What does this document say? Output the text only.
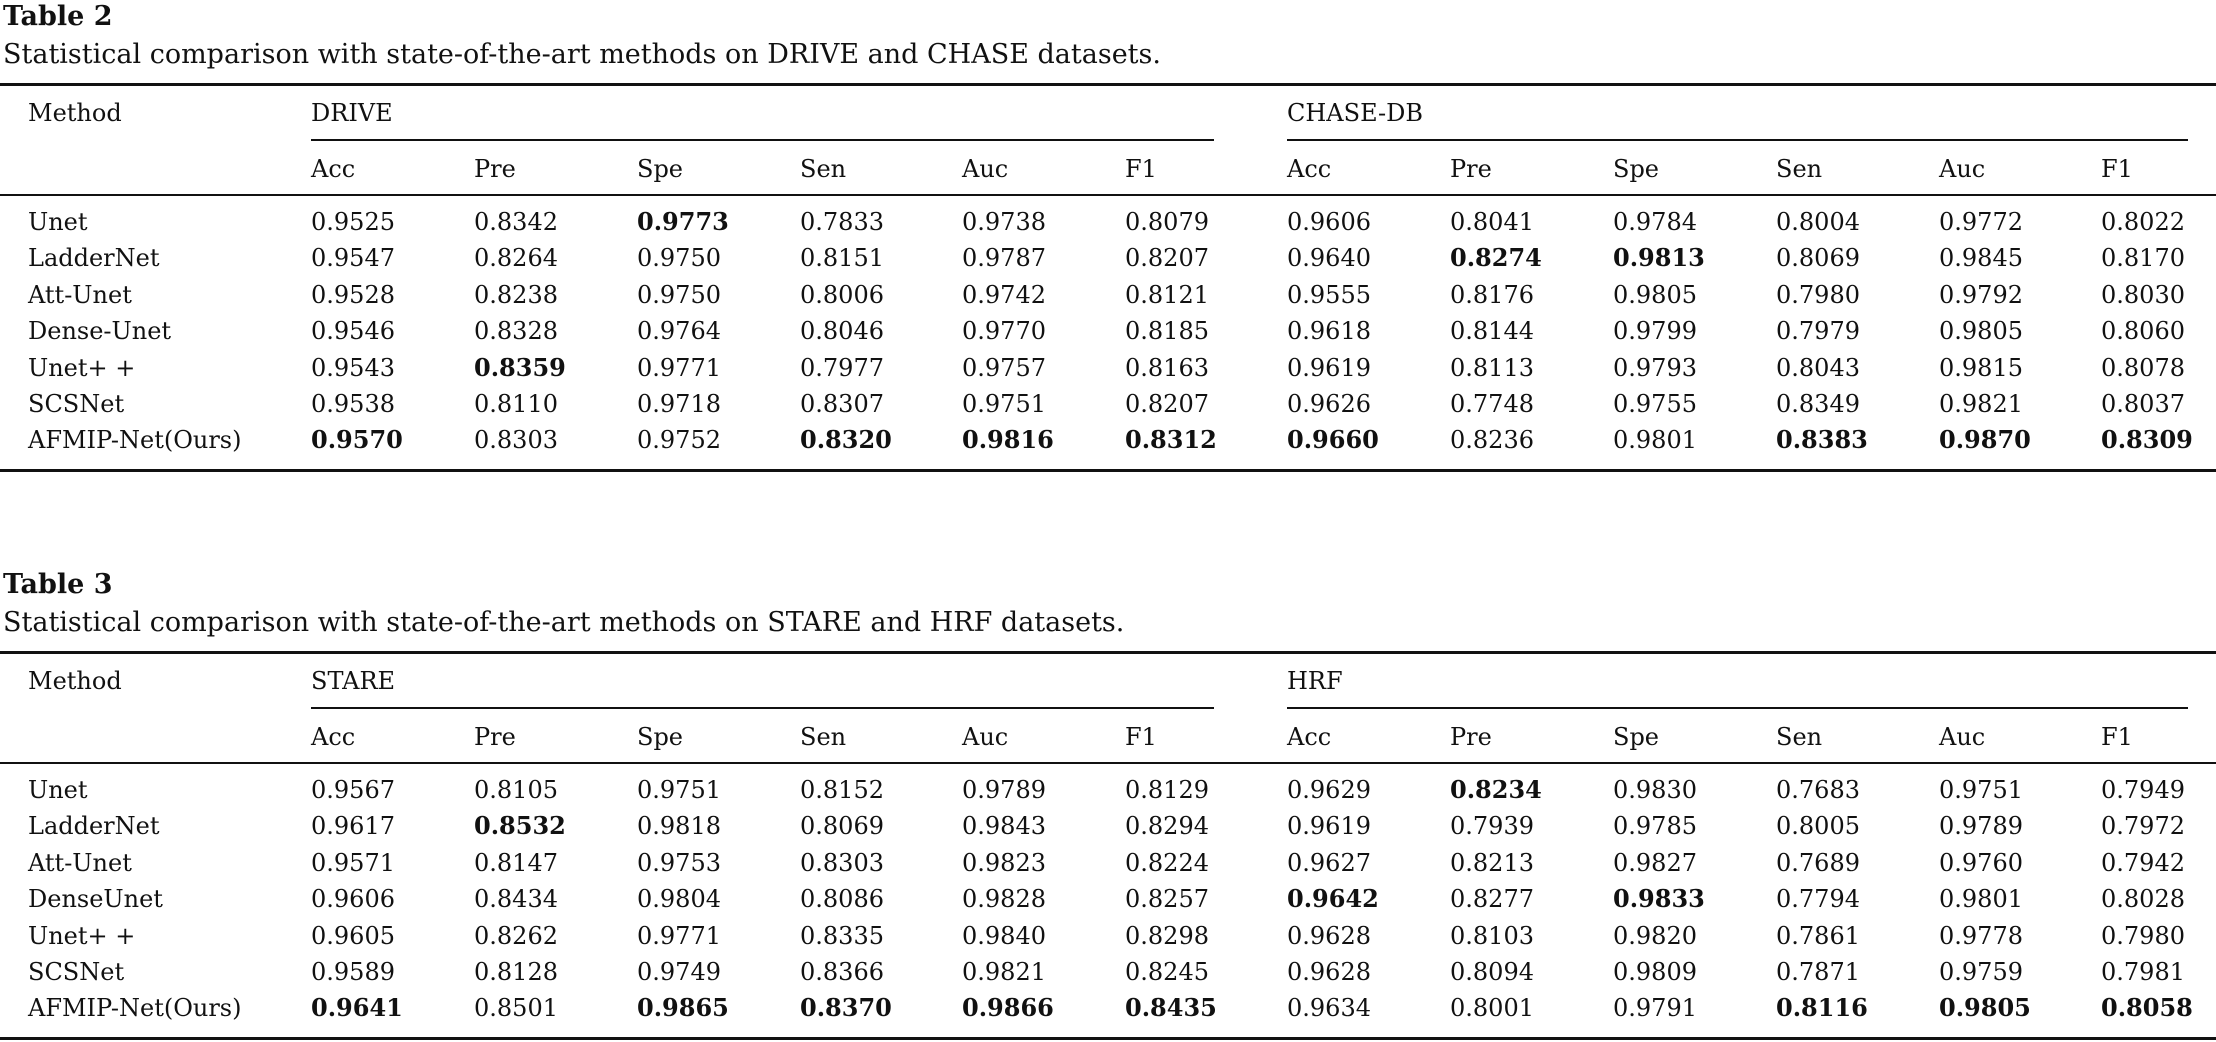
Table 2
Statistical comparison with state-of-the-art methods on DRIVE and CHASE datasets.
Method	DRIVE	CHASE-DB
Acc	Pre	Spe	Sen	Auc	F1	Acc	Pre	Spe	Sen	Auc	F1
Unet	0.9525	0.8342	0.9773	0.7833	0.9738	0.8079	0.9606	0.8041	0.9784	0.8004	0.9772	0.8022
LadderNet	0.9547	0.8264	0.9750	0.8151	0.9787	0.8207	0.9640	0.8274	0.9813	0.8069	0.9845	0.8170
Att-Unet	0.9528	0.8238	0.9750	0.8006	0.9742	0.8121	0.9555	0.8176	0.9805	0.7980	0.9792	0.8030
Dense-Unet	0.9546	0.8328	0.9764	0.8046	0.9770	0.8185	0.9618	0.8144	0.9799	0.7979	0.9805	0.8060
Unet+ +	0.9543	0.8359	0.9771	0.7977	0.9757	0.8163	0.9619	0.8113	0.9793	0.8043	0.9815	0.8078
SCSNet	0.9538	0.8110	0.9718	0.8307	0.9751	0.8207	0.9626	0.7748	0.9755	0.8349	0.9821	0.8037
AFMIP-Net(Ours)	0.9570	0.8303	0.9752	0.8320	0.9816	0.8312	0.9660	0.8236	0.9801	0.8383	0.9870	0.8309
Table 3
Statistical comparison with state-of-the-art methods on STARE and HRF datasets.
Method	STARE	HRF
Acc	Pre	Spe	Sen	Auc	F1	Acc	Pre	Spe	Sen	Auc	F1
Unet	0.9567	0.8105	0.9751	0.8152	0.9789	0.8129	0.9629	0.8234	0.9830	0.7683	0.9751	0.7949
LadderNet	0.9617	0.8532	0.9818	0.8069	0.9843	0.8294	0.9619	0.7939	0.9785	0.8005	0.9789	0.7972
Att-Unet	0.9571	0.8147	0.9753	0.8303	0.9823	0.8224	0.9627	0.8213	0.9827	0.7689	0.9760	0.7942
DenseUnet	0.9606	0.8434	0.9804	0.8086	0.9828	0.8257	0.9642	0.8277	0.9833	0.7794	0.9801	0.8028
Unet+ +	0.9605	0.8262	0.9771	0.8335	0.9840	0.8298	0.9628	0.8103	0.9820	0.7861	0.9778	0.7980
SCSNet	0.9589	0.8128	0.9749	0.8366	0.9821	0.8245	0.9628	0.8094	0.9809	0.7871	0.9759	0.7981
AFMIP-Net(Ours)	0.9641	0.8501	0.9865	0.8370	0.9866	0.8435	0.9634	0.8001	0.9791	0.8116	0.9805	0.8058
